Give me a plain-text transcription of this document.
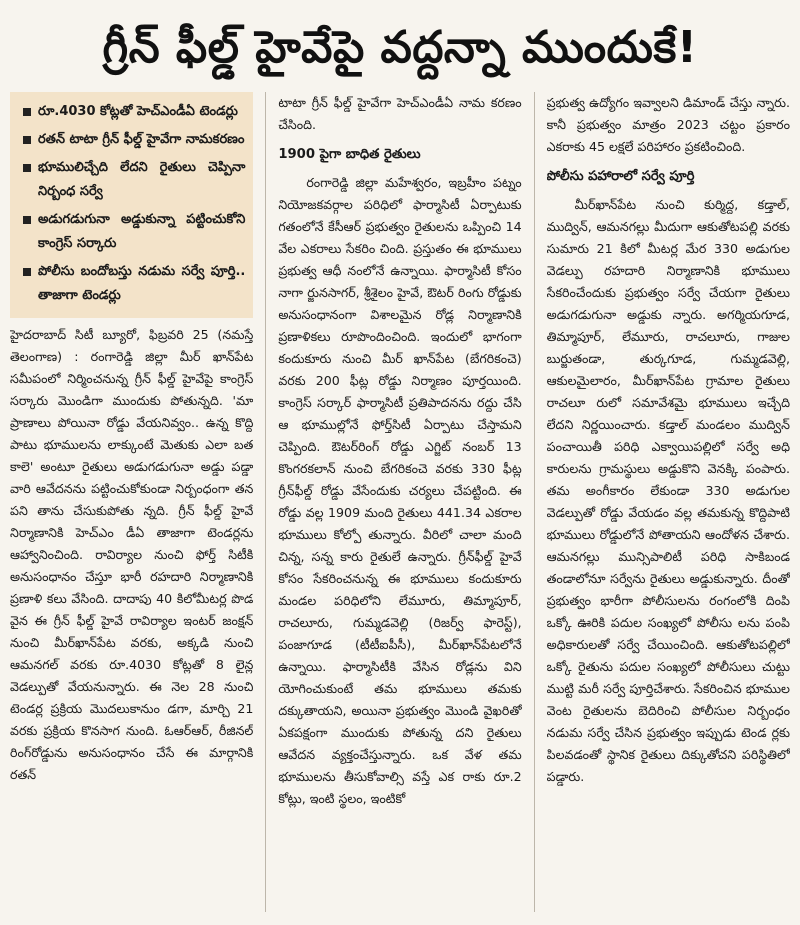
గ్రీన్ ఫీల్డ్ హైవేపై వద్దన్నా ముందుకే!
రూ.4030 కోట్లతో హెచ్ఎండీఏ టెండర్లు
రతన్ టాటా గ్రీన్ ఫీల్డ్ హైవేగా నామకరణం
భూములిచ్చేది లేదని రైతులు చెప్పినా నిర్బంధ సర్వే
అడుగడుగునా అడ్డుకున్నా పట్టించుకోని కాంగ్రెస్ సర్కారు
పోలీసు బందోబస్తు నడుమ సర్వే పూర్తి.. తాజాగా టెండర్లు

హైదరాబాద్ సిటీ బ్యూరో, ఫిబ్రవరి 25 (నమస్తే తెలంగాణ) : రంగారెడ్డి జిల్లా మీర్ ఖాన్‌పేట సమీపంలో నిర్మించనున్న గ్రీన్ ఫీల్డ్ హైవేపై కాంగ్రెస్ సర్కారు మొండిగా ముందుకు పోతున్నది. 'మా ప్రాణాలు పోయినా రోడ్డు వేయనివ్వం.. ఉన్న కొద్ది పాటు భూములను లాక్కుంటే మెతుకు ఎలా బత కాలె' అంటూ రైతులు అడుగడుగునా అడ్డు పడ్డా వారి ఆవేదనను పట్టించుకోకుండా నిర్బంధంగా తన పని తాను చేసుకుపోతు న్నది. గ్రీన్ ఫీల్డ్ హైవే నిర్మాణానికి హెచ్ఎం డీఏ తాజాగా టెండర్లను ఆహ్వానించింది. రావిర్యాల నుంచి ఫోర్త్ సిటీకి అనుసంధానం చేస్తూ భారీ రహదారి నిర్మాణానికి ప్రణాళి కలు వేసింది. దాదాపు 40 కిలోమీటర్ల పొడ వైన ఈ గ్రీన్ ఫీల్డ్ హైవే రావిర్యాల ఇంటర్ జంక్షన్ నుంచి మీర్‌ఖాన్‌పేట వరకు, అక్కడి నుంచి ఆమనగల్ వరకు రూ.4030 కోట్లతో 8 లైన్ల వెడల్పుతో వేయనున్నారు. ఈ నెల 28 నుంచి టెండర్ల ప్రక్రియ మొదలుకానుం డగా, మార్చి 21 వరకు ప్రక్రియ కొనసాగ నుంది. ఓఆర్ఆర్, రీజినల్ రింగ్‌రోడ్డును అనుసంధానం చేసే ఈ మార్గానికి రతన్

టాటా గ్రీన్ ఫీల్డ్ హైవేగా హెచ్ఎండీఏ నామ కరణం చేసింది.

1900 పైగా బాధిత రైతులు

రంగారెడ్డి జిల్లా మహేశ్వరం, ఇబ్రహీం పట్నం నియోజకవర్గాల పరిధిలో ఫార్మాసిటీ ఏర్పాటుకు గతంలోనే కేసీఆర్ ప్రభుత్వం రైతులను ఒప్పించి 14 వేల ఎకరాలు సేకరిం చింది. ప్రస్తుతం ఈ భూములు ప్రభుత్వ ఆధీ నంలోనే ఉన్నాయి. ఫార్మాసిటీ కోసం నాగా ర్జునసాగర్, శ్రీశైలం హైవే, ఔటర్ రింగు రోడ్డుకు అనుసంధానంగా విశాలమైన రోడ్ల నిర్మాణానికి ప్రణాళికలు రూపొందించింది. ఇందులో భాగంగా కందుకూరు నుంచి మీర్ ఖాన్‌పేట (బేగరికంచె) వరకు 200 ఫీట్ల రోడ్డు నిర్మాణం పూర్తయింది. కాంగ్రెస్ సర్కార్ ఫార్మాసిటీ ప్రతిపాదనను రద్దు చేసి ఆ భూముల్లోనే ఫోర్త్‌సిటీ ఏర్పాటు చేస్తామని చెప్పింది. ఔటర్‌రింగ్ రోడ్డు ఎగ్జిట్ నంబర్ 13 కొంగరకలాన్ నుంచి బేగరికంచె వరకు 330 ఫీట్ల గ్రీన్‌ఫీల్డ్ రోడ్డు వేసేందుకు చర్యలు చేపట్టింది. ఈ రోడ్డు వల్ల 1909 మంది రైతులు 441.34 ఎకరాల భూములు కోల్పో తున్నారు. వీరిలో చాలా మంది చిన్న, సన్న కారు రైతులే ఉన్నారు. గ్రీన్‌ఫీల్డ్ హైవే కోసం సేకరించనున్న ఈ భూములు కందుకూరు మండల పరిధిలోని లేమూరు, తిమ్మాపూర్, రాచలూరు, గుమ్మడవెల్లి (రిజర్వ్ ఫారెస్ట్), పంజాగూడ (టీటీఐపీసీ), మీర్‌ఖాన్‌పేటలోనే ఉన్నాయి. ఫార్మాసిటీకి వేసిన రోడ్లను విని యోగించుకుంటే తమ భూములు తమకు దక్కుతాయని, అయినా ప్రభుత్వం మొండి వైఖరితో ఏకపక్షంగా ముందుకు పోతున్న దని రైతులు ఆవేదన వ్యక్తంచేస్తున్నారు. ఒక వేళ తమ భూములను తీసుకోవాల్సి వస్తే ఎక రాకు రూ.2 కోట్లు, ఇంటి స్థలం, ఇంటికో

ప్రభుత్వ ఉద్యోగం ఇవ్వాలని డిమాండ్ చేస్తు న్నారు. కానీ ప్రభుత్వం మాత్రం 2023 చట్టం ప్రకారం ఎకరాకు 45 లక్షలే పరిహారం ప్రకటించింది.

పోలీసు పహారాలో సర్వే పూర్తి

మీర్‌ఖాన్‌పేట నుంచి కుర్మిద్ద, కడ్తాల్, ముద్విన్, ఆమనగల్లు మీదుగా ఆకుతోటపల్లి వరకు సుమారు 21 కిలో మీటర్ల మేర 330 అడుగుల వెడల్పు రహదారి నిర్మాణానికి భూములు సేకరించేందుకు ప్రభుత్వం సర్వే చేయగా రైతులు అడుగడుగునా అడ్డుకు న్నారు. అగర్మియగూడ, తిమ్మాపూర్, లేమూరు, రాచలూరు, గాజుల బుర్జుతండా, తుర్కగూడ, గుమ్మడవెల్లి, ఆకులమైలారం, మీర్‌ఖాన్‌పేట గ్రామాల రైతులు రాచలూ రులో సమావేశమై భూములు ఇచ్చేది లేదని నిర్ణయించారు. కడ్తాల్ మండలం ముద్విన్ పంచాయితీ పరిధి ఎక్వాయిపల్లిలో సర్వే అధి కారులను గ్రామస్థులు అడ్డుకొని వెనక్కి పంపారు. తమ అంగీకారం లేకుండా 330 అడుగుల వెడల్పుతో రోడ్డు వేయడం వల్ల తమకున్న కొద్దిపాటి భూములు రోడ్డులోనే పోతాయని ఆందోళన చేశారు. ఆమనగల్లు మున్సిపాలిటీ పరిధి సాకిబండ తండాలోనూ సర్వేను రైతులు అడ్డుకున్నారు. దీంతో ప్రభుత్వం భారీగా పోలీసులను రంగంలోకి దింపి ఒక్కో ఊరికి పదుల సంఖ్యలో పోలీసు లను పంపి అధికారులతో సర్వే చేయించింది. ఆకుతోటపల్లిలో ఒక్కో రైతును పదుల సంఖ్యలో పోలీసులు చుట్టు ముట్టి మరీ సర్వే పూర్తిచేశారు. సేకరించిన భూముల వెంట రైతులను బెదిరించి పోలీసుల నిర్బంధం నడుమ సర్వే చేసిన ప్రభుత్వం ఇప్పుడు టెండ ర్లకు పిలవడంతో స్థానిక రైతులు దిక్కుతోచని పరిస్థితిలో పడ్డారు.
